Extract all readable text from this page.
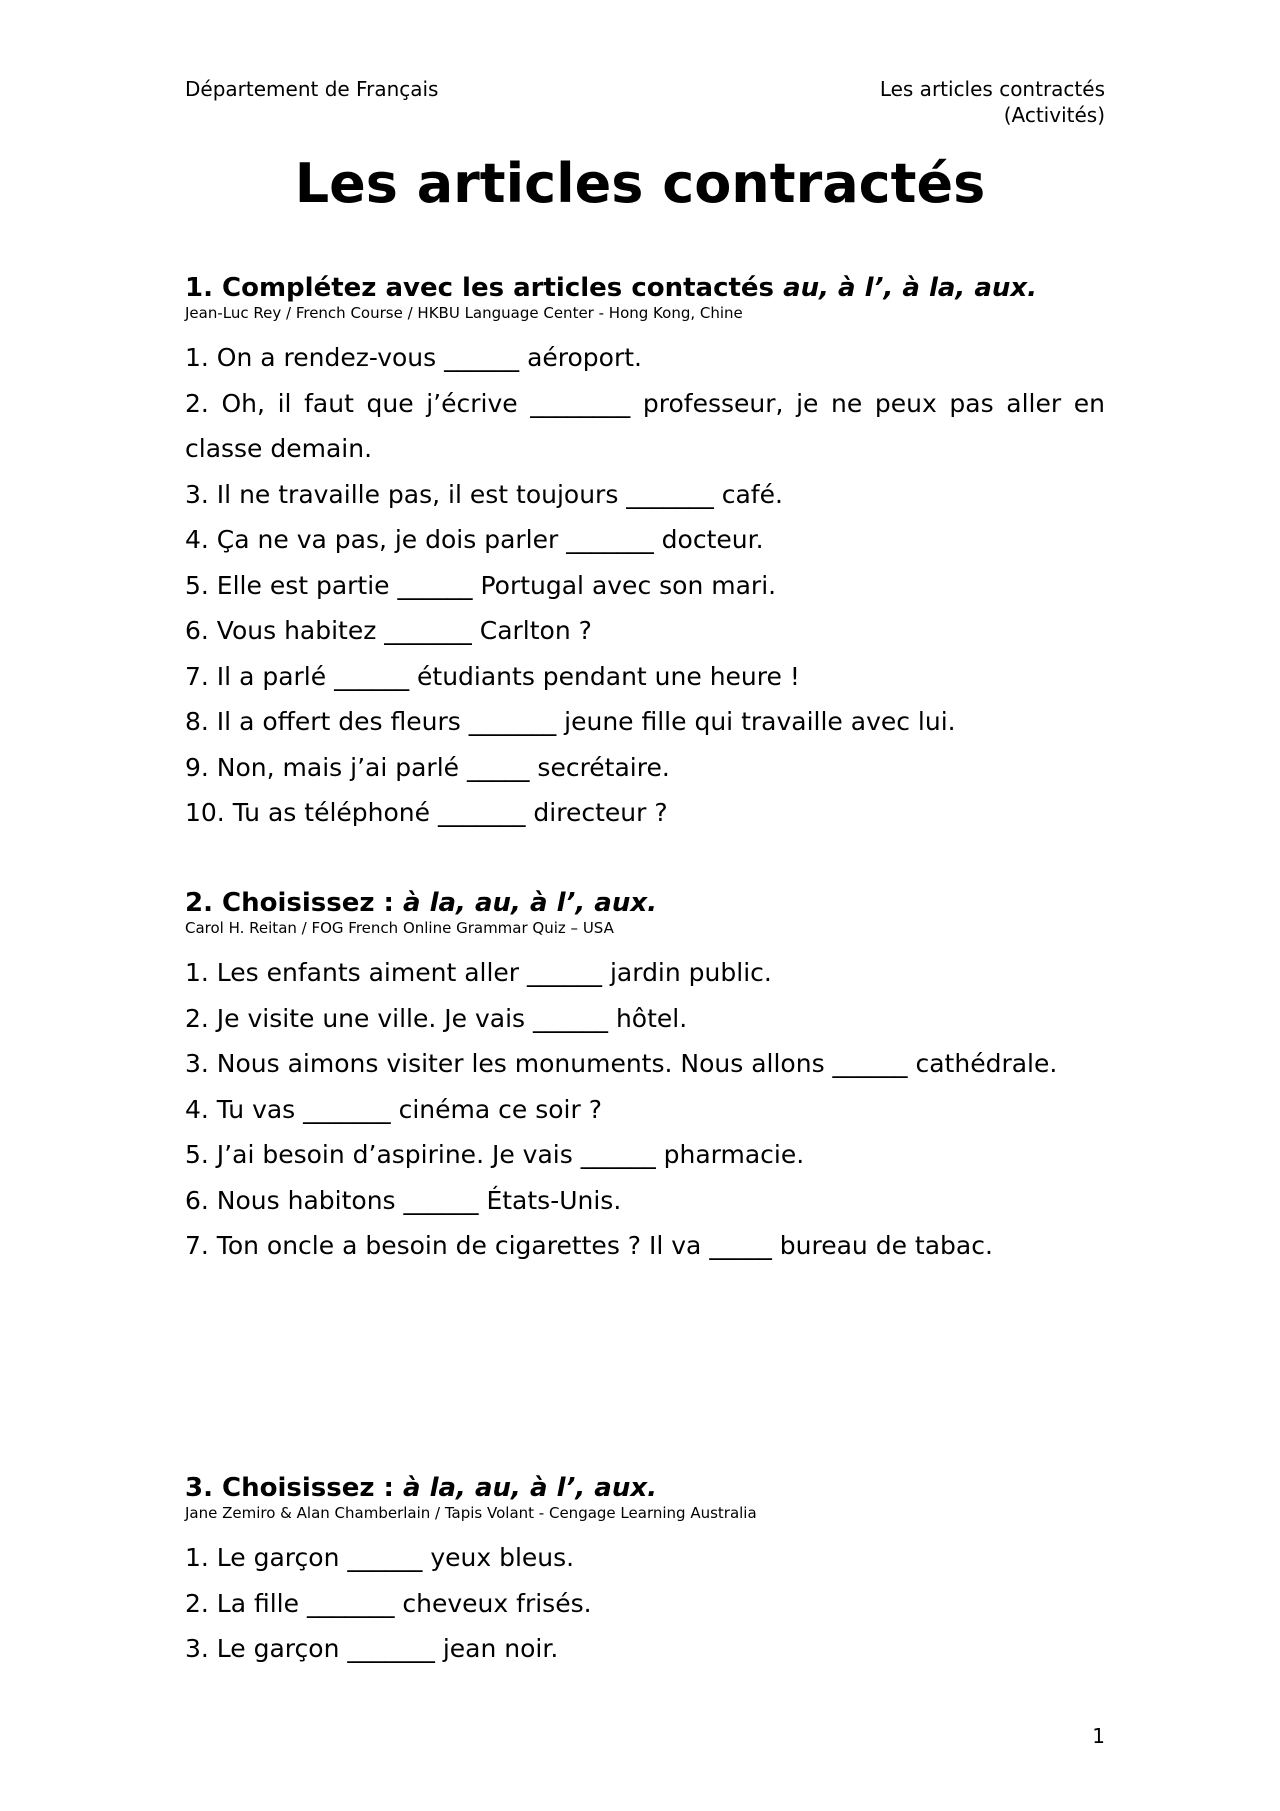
Département de Français	Les articles contractés
(Activités)
Les articles contractés

1. Complétez avec les articles contactés au, à l’, à la, aux.

Jean-Luc Rey / French Course / HKBU Language Center - Hong Kong, Chine

1. On a rendez-vous ______ aéroport.
2. Oh, il faut que j’écrive ________ professeur, je ne peux pas aller en classe demain.
3. Il ne travaille pas, il est toujours _______ café.
4. Ça ne va pas, je dois parler _______ docteur.
5. Elle est partie ______ Portugal avec son mari.
6. Vous habitez _______ Carlton ?
7. Il a parlé ______ étudiants pendant une heure !
8. Il a offert des fleurs _______ jeune fille qui travaille avec lui.
9. Non, mais j’ai parlé _____ secrétaire.
10. Tu as téléphoné _______ directeur ?

2. Choisissez : à la, au, à l’, aux.

Carol H. Reitan / FOG French Online Grammar Quiz – USA

1. Les enfants aiment aller ______ jardin public.
2. Je visite une ville. Je vais ______ hôtel.
3. Nous aimons visiter les monuments. Nous allons ______ cathédrale.
4. Tu vas _______ cinéma ce soir ?
5. J’ai besoin d’aspirine. Je vais ______ pharmacie.
6. Nous habitons ______ États-Unis.
7. Ton oncle a besoin de cigarettes ? Il va _____ bureau de tabac.

3. Choisissez : à la, au, à l’, aux.

Jane Zemiro & Alan Chamberlain / Tapis Volant - Cengage Learning Australia

1. Le garçon ______ yeux bleus.
2. La fille _______ cheveux frisés.
3. Le garçon _______ jean noir.
1
